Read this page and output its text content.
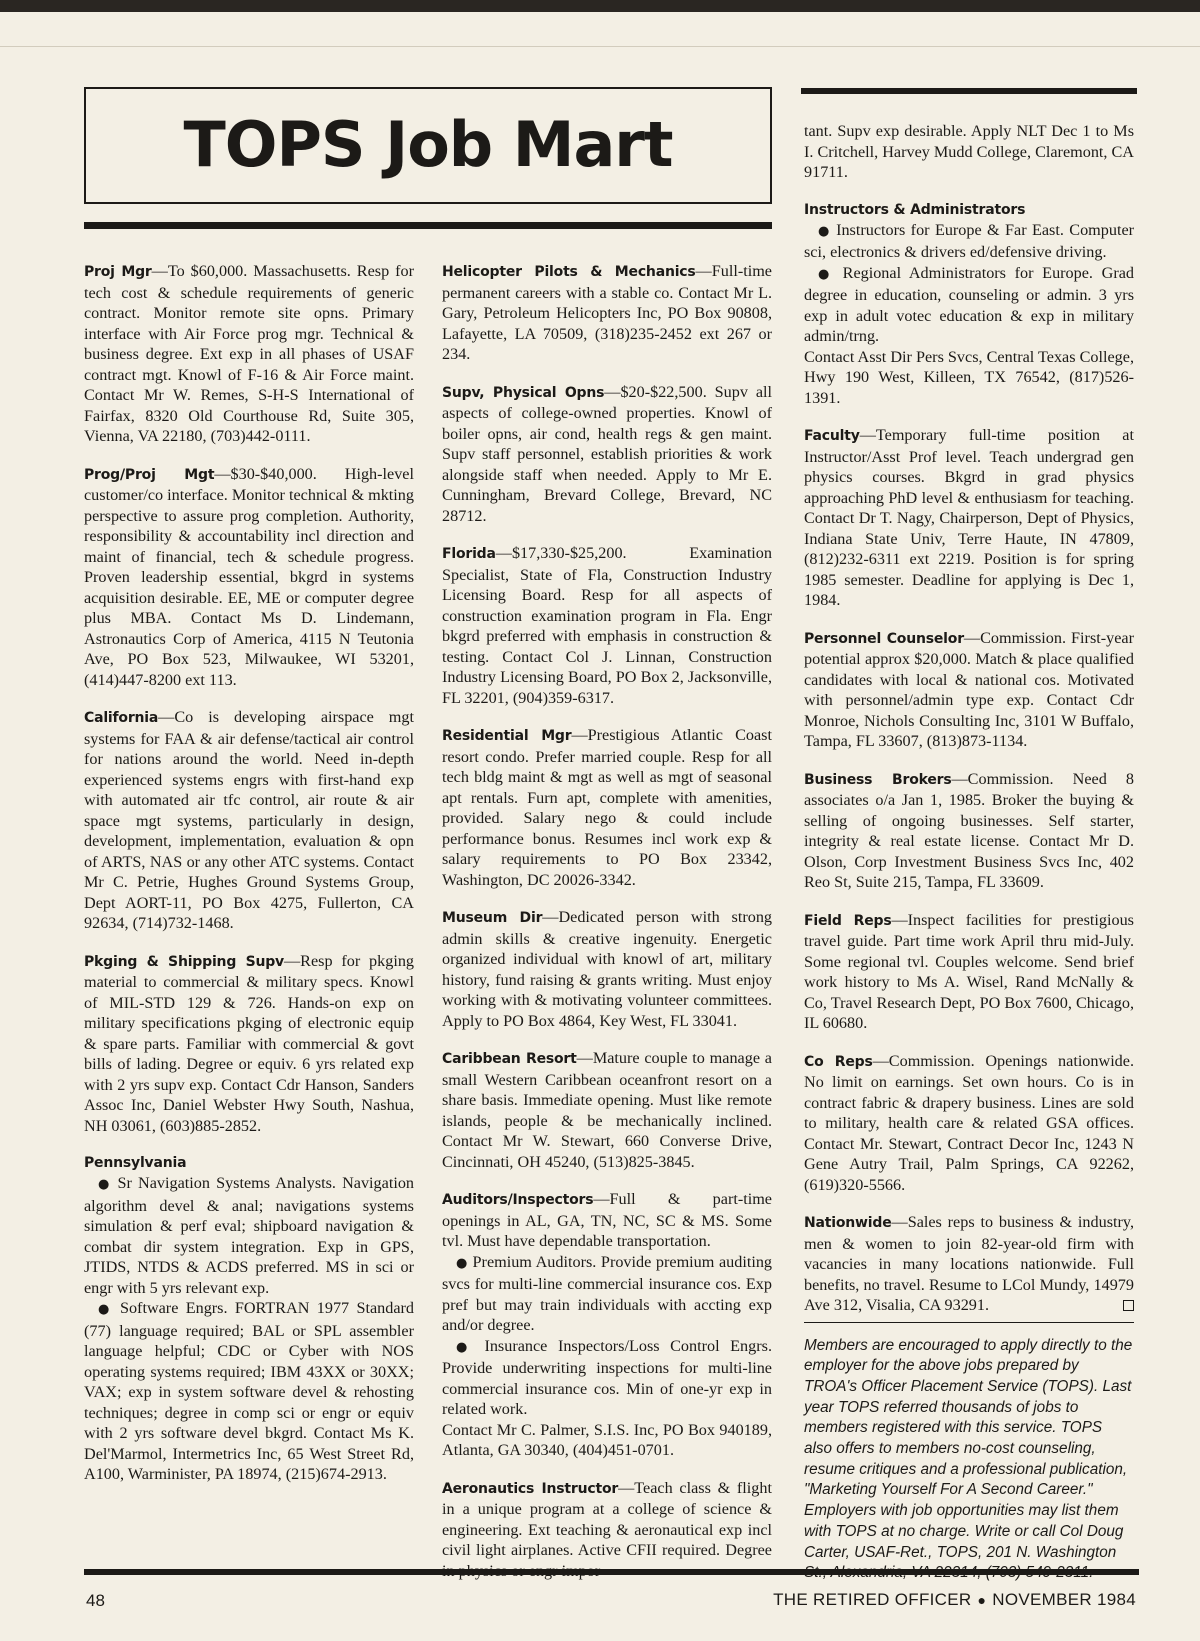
TOPS Job Mart

Proj Mgr—To $60,000. Massachusetts. Resp for tech cost & schedule requirements of generic contract. Monitor remote site opns. Primary interface with Air Force prog mgr. Technical & business degree. Ext exp in all phases of USAF contract mgt. Knowl of F-16 & Air Force maint. Contact Mr W. Remes, S-H-S International of Fairfax, 8320 Old Courthouse Rd, Suite 305, Vienna, VA 22180, (703)442-0111.

Prog/Proj Mgt—$30-$40,000. High-level customer/co interface. Monitor technical & mkting perspective to assure prog completion. Authority, responsibility & accountability incl direction and maint of financial, tech & schedule progress. Proven leadership essential, bkgrd in systems acquisition desirable. EE, ME or computer degree plus MBA. Contact Ms D. Lindemann, Astronautics Corp of America, 4115 N Teutonia Ave, PO Box 523, Milwaukee, WI 53201, (414)447-8200 ext 113.

California—Co is developing airspace mgt systems for FAA & air defense/tactical air control for nations around the world. Need in-depth experienced systems engrs with first-hand exp with automated air tfc control, air route & air space mgt systems, particularly in design, development, implementation, evaluation & opn of ARTS, NAS or any other ATC systems. Contact Mr C. Petrie, Hughes Ground Systems Group, Dept AORT-11, PO Box 4275, Fullerton, CA 92634, (714)732-1468.

Pkging & Shipping Supv—Resp for pkging material to commercial & military specs. Knowl of MIL-STD 129 & 726. Hands-on exp on military specifications pkging of electronic equip & spare parts. Familiar with commercial & govt bills of lading. Degree or equiv. 6 yrs related exp with 2 yrs supv exp. Contact Cdr Hanson, Sanders Assoc Inc, Daniel Webster Hwy South, Nashua, NH 03061, (603)885-2852.

Pennsylvania

● Sr Navigation Systems Analysts. Navigation algorithm devel & anal; navigations systems simulation & perf eval; shipboard navigation & combat dir system integration. Exp in GPS, JTIDS, NTDS & ACDS preferred. MS in sci or engr with 5 yrs relevant exp.

● Software Engrs. FORTRAN 1977 Standard (77) language required; BAL or SPL assembler language helpful; CDC or Cyber with NOS operating systems required; IBM 43XX or 30XX; VAX; exp in system software devel & rehosting techniques; degree in comp sci or engr or equiv with 2 yrs software devel bkgrd. Contact Ms K. Del'Marmol, Intermetrics Inc, 65 West Street Rd, A100, Warminister, PA 18974, (215)674-2913.

Helicopter Pilots & Mechanics—Full-time permanent careers with a stable co. Contact Mr L. Gary, Petroleum Helicopters Inc, PO Box 90808, Lafayette, LA 70509, (318)235-2452 ext 267 or 234.

Supv, Physical Opns—$20-$22,500. Supv all aspects of college-owned properties. Knowl of boiler opns, air cond, health regs & gen maint. Supv staff personnel, establish priorities & work alongside staff when needed. Apply to Mr E. Cunningham, Brevard College, Brevard, NC 28712.

Florida—$17,330-$25,200. Examination Specialist, State of Fla, Construction Industry Licensing Board. Resp for all aspects of construction examination program in Fla. Engr bkgrd preferred with emphasis in construction & testing. Contact Col J. Linnan, Construction Industry Licensing Board, PO Box 2, Jacksonville, FL 32201, (904)359-6317.

Residential Mgr—Prestigious Atlantic Coast resort condo. Prefer married couple. Resp for all tech bldg maint & mgt as well as mgt of seasonal apt rentals. Furn apt, complete with amenities, provided. Salary nego & could include performance bonus. Resumes incl work exp & salary requirements to PO Box 23342, Washington, DC 20026-3342.

Museum Dir—Dedicated person with strong admin skills & creative ingenuity. Energetic organized individual with knowl of art, military history, fund raising & grants writing. Must enjoy working with & motivating volunteer committees. Apply to PO Box 4864, Key West, FL 33041.

Caribbean Resort—Mature couple to manage a small Western Caribbean oceanfront resort on a share basis. Immediate opening. Must like remote islands, people & be mechanically inclined. Contact Mr W. Stewart, 660 Converse Drive, Cincinnati, OH 45240, (513)825-3845.

Auditors/Inspectors—Full & part-time openings in AL, GA, TN, NC, SC & MS. Some tvl. Must have dependable transportation.

● Premium Auditors. Provide premium auditing svcs for multi-line commercial insurance cos. Exp pref but may train individuals with accting exp and/or degree.

● Insurance Inspectors/Loss Control Engrs. Provide underwriting inspections for multi-line commercial insurance cos. Min of one-yr exp in related work.

Contact Mr C. Palmer, S.I.S. Inc, PO Box 940189, Atlanta, GA 30340, (404)451-0701.

Aeronautics Instructor—Teach class & flight in a unique program at a college of science & engineering. Ext teaching & aeronautical exp incl civil light airplanes. Active CFII required. Degree

tant. Supv exp desirable. Apply NLT Dec 1 to Ms I. Critchell, Harvey Mudd College, Claremont, CA 91711.

Instructors & Administrators

● Instructors for Europe & Far East. Computer sci, electronics & drivers ed/defensive driving.

● Regional Administrators for Europe. Grad degree in education, counseling or admin. 3 yrs exp in adult votec education & exp in military admin/trng.

Contact Asst Dir Pers Svcs, Central Texas College, Hwy 190 West, Killeen, TX 76542, (817)526-1391.

Faculty—Temporary full-time position at Instructor/Asst Prof level. Teach undergrad gen physics courses. Bkgrd in grad physics approaching PhD level & enthusiasm for teaching. Contact Dr T. Nagy, Chairperson, Dept of Physics, Indiana State Univ, Terre Haute, IN 47809, (812)232-6311 ext 2219. Position is for spring 1985 semester. Deadline for applying is Dec 1, 1984.

Personnel Counselor—Commission. First-year potential approx $20,000. Match & place qualified candidates with local & national cos. Motivated with personnel/admin type exp. Contact Cdr Monroe, Nichols Consulting Inc, 3101 W Buffalo, Tampa, FL 33607, (813)873-1134.

Business Brokers—Commission. Need 8 associates o/a Jan 1, 1985. Broker the buying & selling of ongoing businesses. Self starter, integrity & real estate license. Contact Mr D. Olson, Corp Investment Business Svcs Inc, 402 Reo St, Suite 215, Tampa, FL 33609.

Field Reps—Inspect facilities for prestigious travel guide. Part time work April thru mid-July. Some regional tvl. Couples welcome. Send brief work history to Ms A. Wisel, Rand McNally & Co, Travel Research Dept, PO Box 7600, Chicago, IL 60680.

Co Reps—Commission. Openings nationwide. No limit on earnings. Set own hours. Co is in contract fabric & drapery business. Lines are sold to military, health care & related GSA offices. Contact Mr. Stewart, Contract Decor Inc, 1243 N Gene Autry Trail, Palm Springs, CA 92262, (619)320-5566.

Nationwide—Sales reps to business & industry, men & women to join 82-year-old firm with vacancies in many locations nationwide. Full benefits, no travel. Resume to LCol Mundy, 14979 Ave 312, Visalia, CA 93291.

Members are encouraged to apply directly to the employer for the above jobs prepared by TROA's Officer Placement Service (TOPS). Last year TOPS referred thousands of jobs to members registered with this service. TOPS also offers to members no-cost counseling, resume critiques and a professional publication, "Marketing Yourself For A Second Career." Employers with job opportunities may list them with TOPS at no charge. Write or call Col Doug Carter, USAF-Ret., TOPS, 201 N. Washington

48	THE RETIRED OFFICER ● NOVEMBER 1984
